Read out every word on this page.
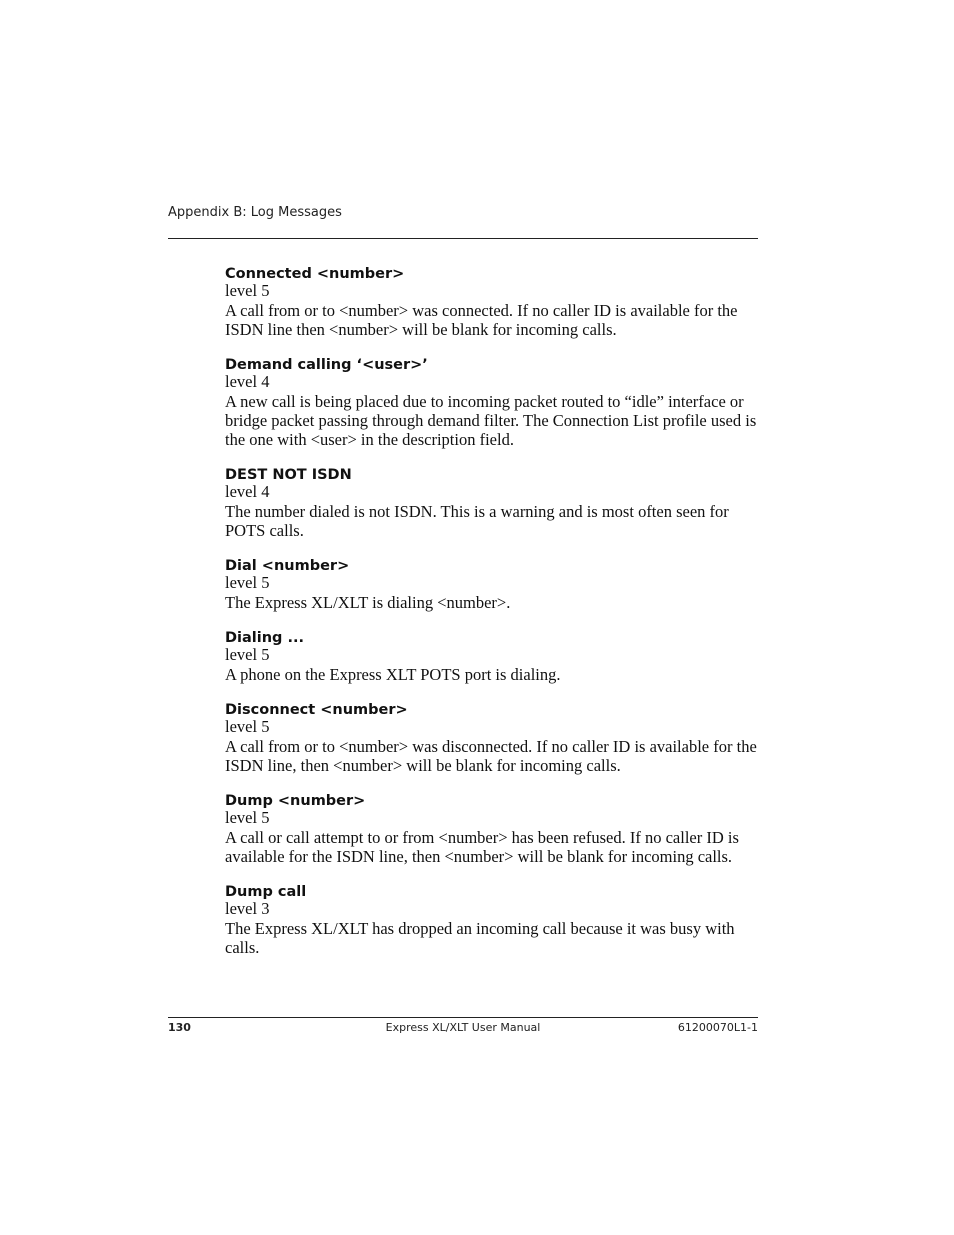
Appendix B: Log Messages
Connected <number>
level 5
A call from or to <number> was connected. If no caller ID is available for the ISDN line then <number> will be blank for incoming calls.
Demand calling ‘<user>’
level 4
A new call is being placed due to incoming packet routed to “idle” interface or bridge packet passing through demand filter. The Connection List profile used is the one with <user> in the description field.
DEST NOT ISDN
level 4
The number dialed is not ISDN. This is a warning and is most often seen for POTS calls.
Dial <number>
level 5
The Express XL/XLT is dialing <number>.
Dialing ...
level 5
A phone on the Express XLT POTS port is dialing.
Disconnect <number>
level 5
A call from or to <number> was disconnected. If no caller ID is available for the ISDN line, then <number> will be blank for incoming calls.
Dump <number>
level 5
A call or call attempt to or from <number> has been refused. If no caller ID is available for the ISDN line, then <number> will be blank for incoming calls.
Dump call
level 3
The Express XL/XLT has dropped an incoming call because it was busy with calls.
130	Express XL/XLT User Manual	61200070L1-1
